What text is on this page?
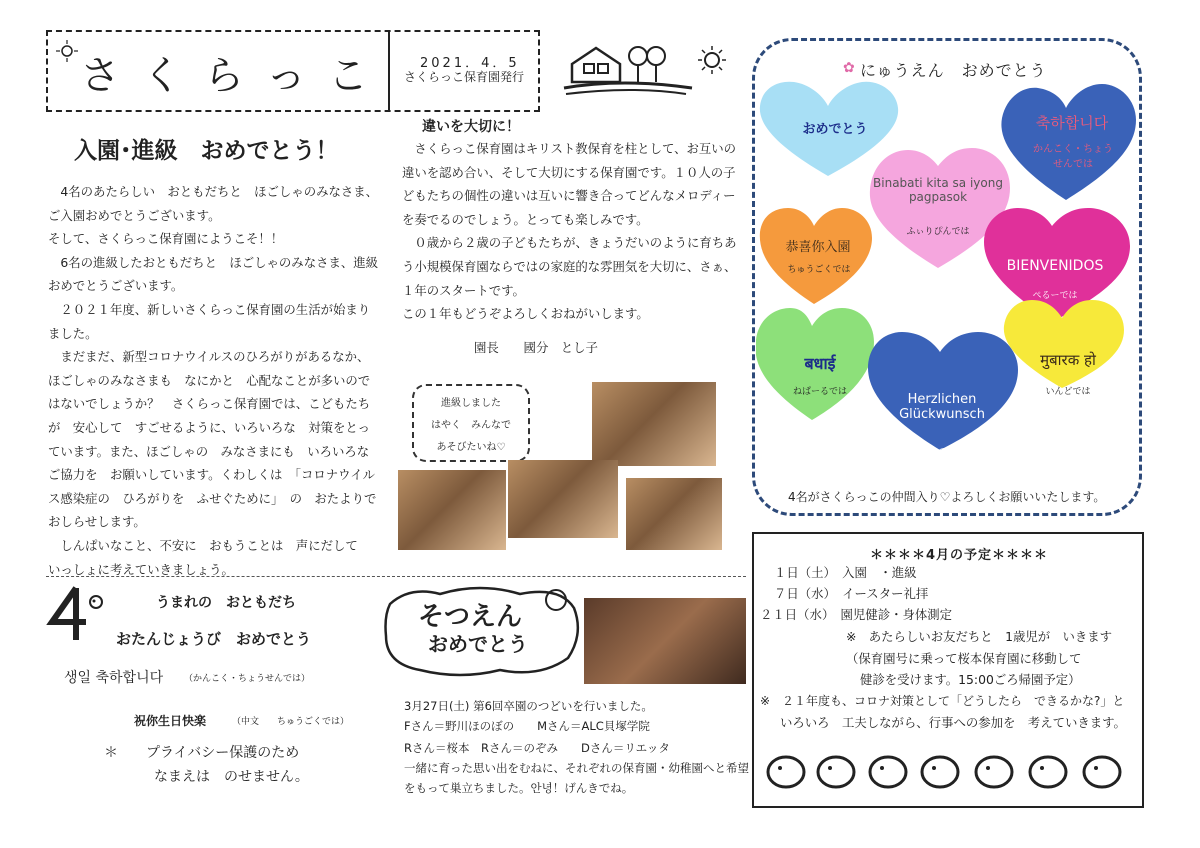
さくらっこ 2021．4．5
さくらっこ保育園発行
入園･進級　おめでとう！
　4名のあたらしい　おともだちと　ほごしゃのみなさま、ご入園おめでとうございます。
そして、さくらっこ保育園にようこそ！！
　6名の進級したおともだちと　ほごしゃのみなさま、進級おめでとうございます。
　２０２１年度、新しいさくらっこ保育園の生活が始まりました。
　まだまだ、新型コロナウイルスのひろがりがあるなか、ほごしゃのみなさまも　なにかと　心配なことが多いのではないでしょうか？　さくらっこ保育園では、こどもたちが　安心して　すごせるように、いろいろな　対策をとっています。また、ほごしゃの　みなさまにも　いろいろな　ご協力を　お願いしています。くわしくは　「コロナウイルス感染症の　ひろがりを　ふせぐために」　の　おたよりで　おしらせします。
　しんぱいなこと、不安に　おもうことは　声にだして　いっしょに考えていきましょう。
違いを大切に！
　さくらっこ保育園はキリスト教保育を柱として、お互いの違いを認め合い、そして大切にする保育園です。１０人の子どもたちの個性の違いは互いに響き合ってどんなメロディーを奏でるのでしょう。とっても楽しみです。
　０歳から２歳の子どもたちが、きょうだいのように育ちあう小規模保育園ならではの家庭的な雰囲気を大切に、さぁ、１年のスタートです。
この１年もどうぞよろしくおねがいします。
園長　　國分　とし子
進級しました
はやく　みんなで
あそびたいね♡
うまれの　おともだち
おたんじょうび　おめでとう
생일 축하합니다 （かんこく・ちょうせんでは）
祝你生日快楽	（中文　　ちゅうごくでは）
＊　　プライバシー保護のため
なまえは　のせません。
そつえん
おめでとう
3月27日(土) 第6回卒園のつどいを行いました。
Fさん＝野川ほのぼの　　Mさん＝ALC貝塚学院
Rさん＝桜本　Rさん＝のぞみ　　Dさん＝リエッタ
一緒に育った思い出をむねに、それぞれの保育園・幼稚園へと希望
をもって巣立ちました。안녕！げんきでね。
✿ にゅうえん　おめでとう
おめでとう	축하합니다
かんこく・ちょうせんでは
Binabati kita sa iyong pagpasok
ふぃりぴんでは
恭喜你入園
ちゅうごくでは	BIENVENIDOS
ぺるーでは
बधाई
ねぱーるでは	Herzlichen Glückwunsch
どいつでは
मुबारक हो
いんどでは
4名がさくらっこの仲間入り♡よろしくお願いいたします。
＊＊＊＊4月の予定＊＊＊＊
１日（土）　入園　・進級
７日（水）　イースター礼拝
２１日（水）　園児健診・身体測定
※　あたらしいお友だちと　1歳児が　いきます
（保育園号に乗って桜本保育園に移動して
健診を受けます。15:00ごろ帰園予定）
※　２１年度も、コロナ対策として「どうしたら　できるかな?」と
いろいろ　工夫しながら、行事への参加を　考えていきます。
